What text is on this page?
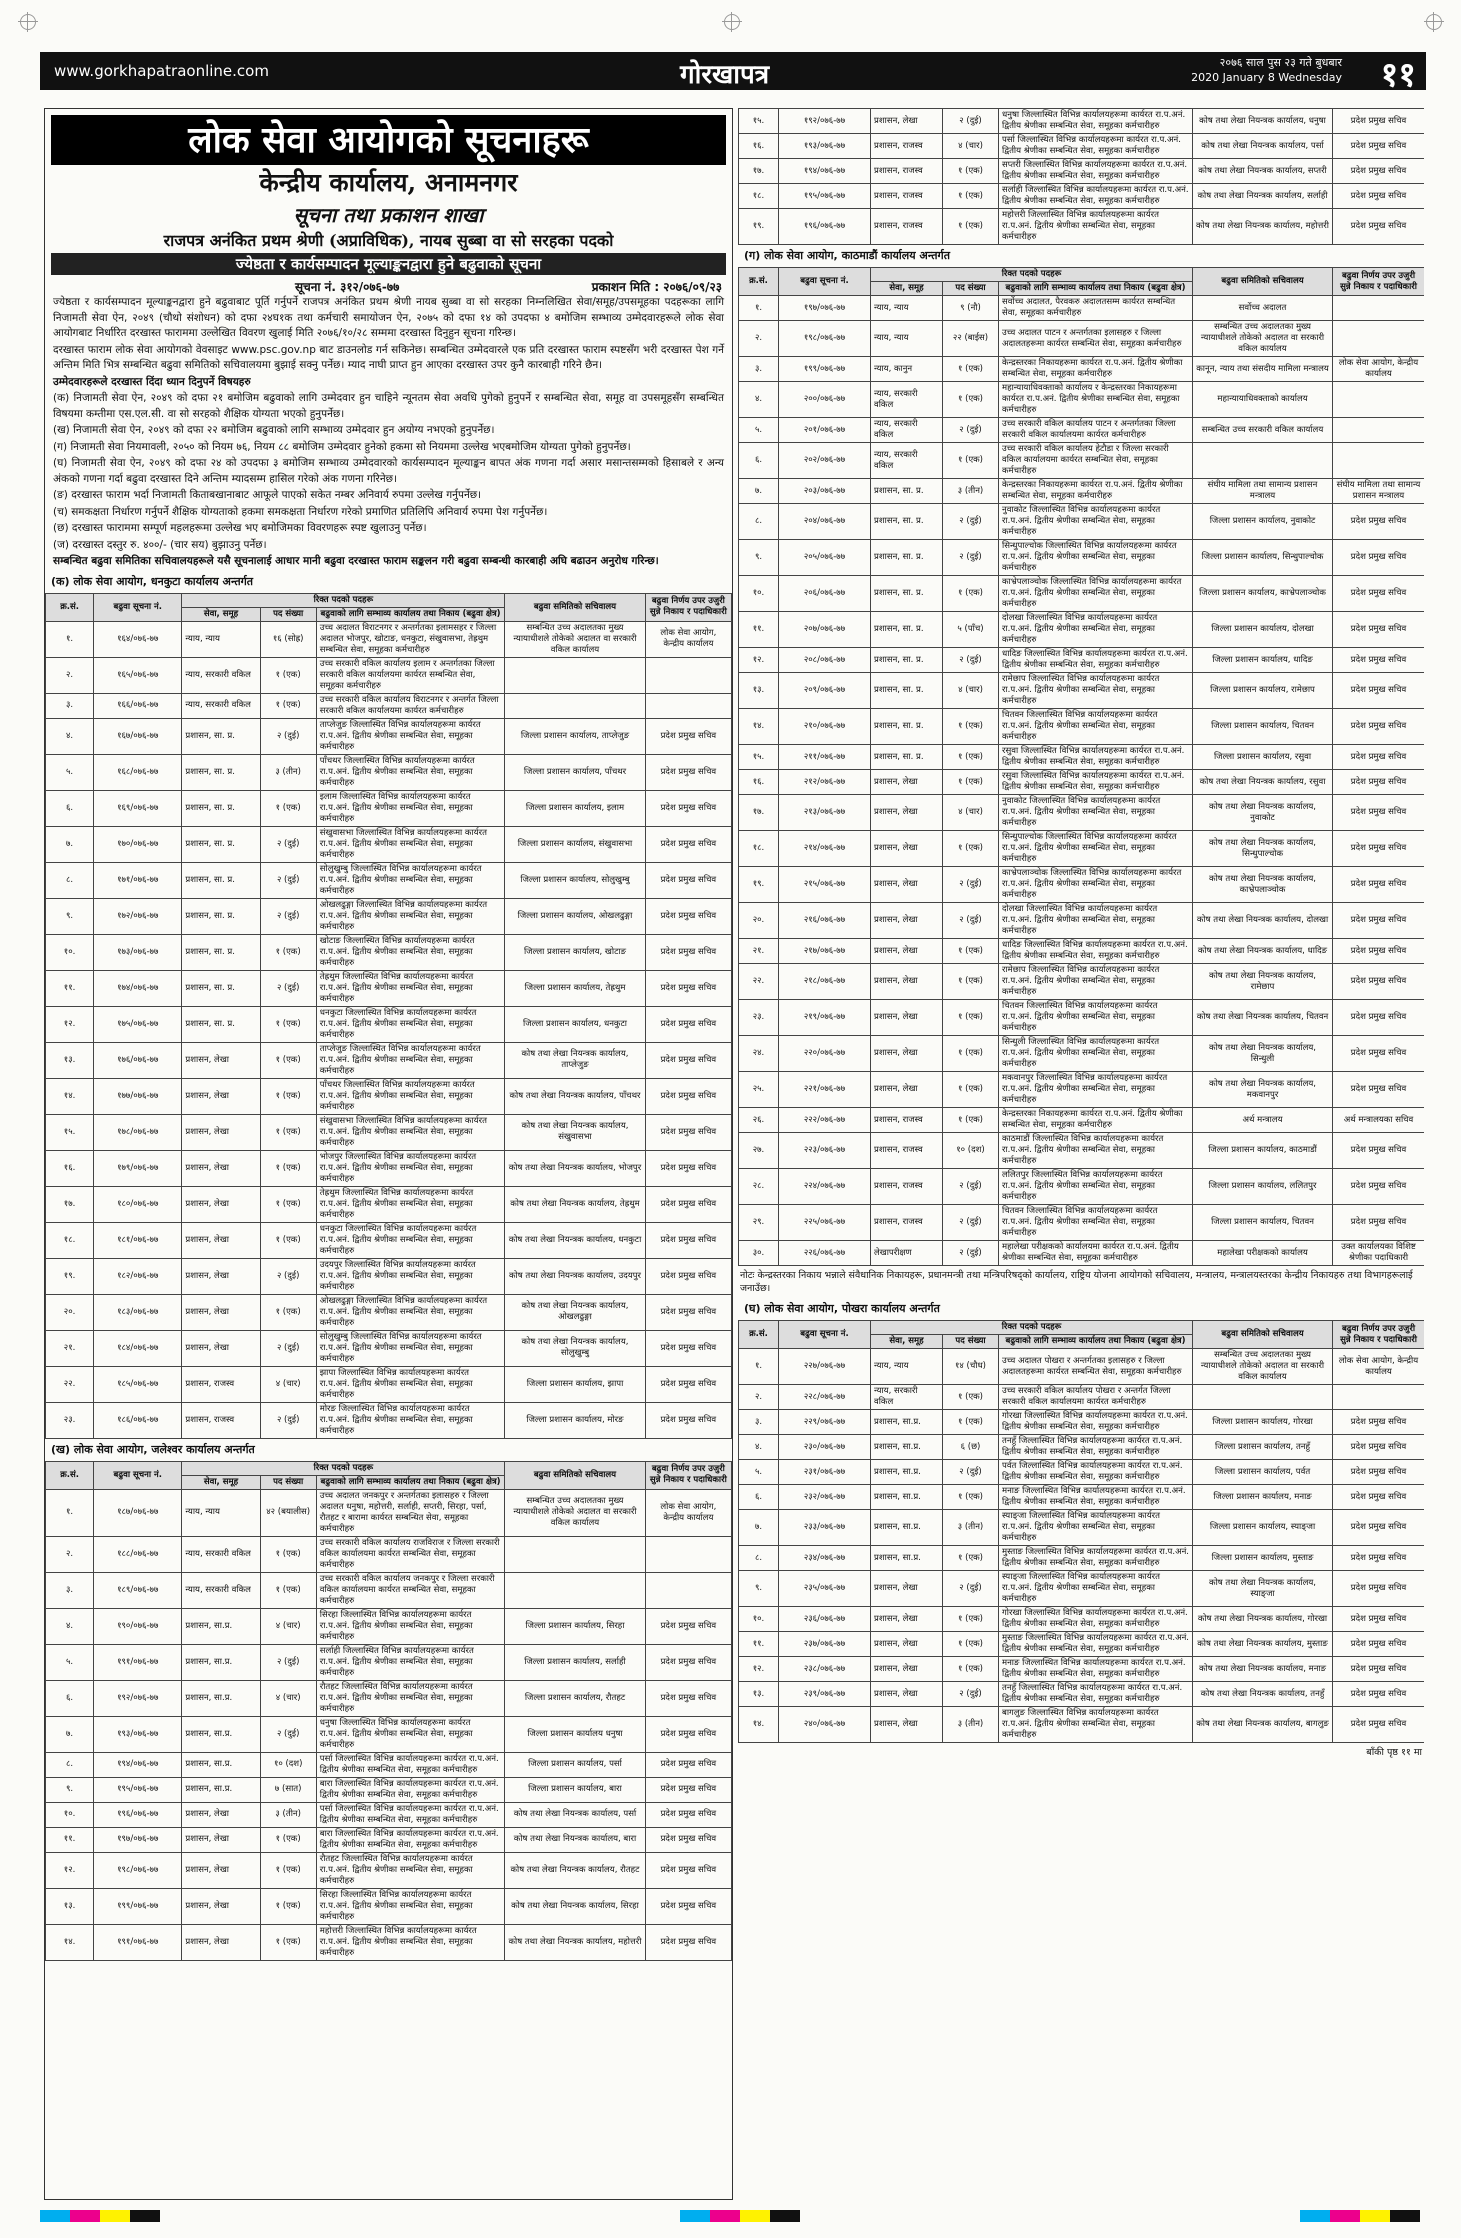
www.gorkhapatraonline.com	गोरखापत्र	२०७६ साल पुस २३ गते बुधबार
2020 January 8 Wednesday ११
लोक सेवा आयोगको सूचनाहरू
केन्द्रीय कार्यालय, अनामनगर
सूचना तथा प्रकाशन शाखा
राजपत्र अनंकित प्रथम श्रेणी (अप्राविधिक), नायब सुब्बा वा सो सरहका पदको
ज्येष्ठता र कार्यसम्पादन मूल्याङ्कनद्वारा हुने बढुवाको सूचना
सूचना नं. ३१२/०७६-७७	प्रकाशन मिति : २०७६/०९/२३

ज्येष्ठता र कार्यसम्पादन मूल्याङ्कनद्वारा हुने बढुवाबाट पूर्ति गर्नुपर्ने राजपत्र अनंकित प्रथम श्रेणी नायब सुब्बा वा सो सरहका निम्नलिखित सेवा/समूह/उपसमूहका पदहरूका लागि निजामती सेवा ऐन, २०४९ (चौथो संशोधन) को दफा २४घ१क तथा कर्मचारी समायोजन ऐन, २०७५ को दफा १४ को उपदफा ४ बमोजिम सम्भाव्य उम्मेदवारहरूले लोक सेवा आयोगबाट निर्धारित दरखास्त फाराममा उल्लेखित विवरण खुलाई मिति २०७६/१०/२८ सम्ममा दरखास्त दिनुहुन सूचना गरिन्छ।

दरखास्त फाराम लोक सेवा आयोगको वेवसाइट www.psc.gov.np बाट डाउनलोड गर्न सकिनेछ। सम्बन्धित उम्मेदवारले एक प्रति दरखास्त फाराम स्पष्टसँग भरी दरखास्त पेश गर्ने अन्तिम मिति भित्र सम्बन्धित बढुवा समितिको सचिवालयमा बुझाई सक्नु पर्नेछ। म्याद नाघी प्राप्त हुन आएका दरखास्त उपर कुनै कारबाही गरिने छैन।

उम्मेदवारहरूले दरखास्त दिंदा ध्यान दिनुपर्ने विषयहरु

(क) निजामती सेवा ऐन, २०४९ को दफा २१ बमोजिम बढुवाको लागि उम्मेदवार हुन चाहिने न्यूनतम सेवा अवधि पुगेको हुनुपर्ने र सम्बन्धित सेवा, समूह वा उपसमूहसँग सम्बन्धित विषयमा कम्तीमा एस.एल.सी. वा सो सरहको शैक्षिक योग्यता भएको हुनुपर्नेछ।

(ख) निजामती सेवा ऐन, २०४९ को दफा २२ बमोजिम बढुवाको लागि सम्भाव्य उम्मेदवार हुन अयोग्य नभएको हुनुपर्नेछ।

(ग) निजामती सेवा नियमावली, २०५० को नियम ७६, नियम ८८ बमोजिम उम्मेदवार हुनेको हकमा सो नियममा उल्लेख भएबमोजिम योग्यता पुगेको हुनुपर्नेछ।

(घ) निजामती सेवा ऐन, २०४९ को दफा २४ को उपदफा ३ बमोजिम सम्भाव्य उम्मेदवारको कार्यसम्पादन मूल्याङ्कन बापत अंक गणना गर्दा असार मसान्तसम्मको हिसाबले र अन्य अंकको गणना गर्दा बढुवा दरखास्त दिने अन्तिम म्यादसम्म हासिल गरेको अंक गणना गरिनेछ।

(ङ) दरखास्त फाराम भर्दा निजामती किताबखानाबाट आफूले पाएको सकेत नम्बर अनिवार्य रुपमा उल्लेख गर्नुपर्नेछ।

(च) समकक्षता निर्धारण गर्नुपर्ने शैक्षिक योग्यताको हकमा समकक्षता निर्धारण गरेको प्रमाणित प्रतिलिपि अनिवार्य रुपमा पेश गर्नुपर्नेछ।

(छ) दरखास्त फाराममा सम्पूर्ण महलहरूमा उल्लेख भए बमोजिमका विवरणहरू स्पष्ट खुलाउनु पर्नेछ।

(ज) दरखास्त दस्तुर रु. ४००/- (चार सय) बुझाउनु पर्नेछ।

सम्बन्धित बढुवा समितिका सचिवालयहरूले यसै सूचनालाई आधार मानी बढुवा दरखास्त फाराम सङ्कलन गरी बढुवा सम्बन्धी कारबाही अघि बढाउन अनुरोध गरिन्छ।

(क) लोक सेवा आयोग, धनकुटा कार्यालय अन्तर्गत
क्र.सं.	बढुवा सूचना नं.	रिक्त पदको पदहरू			बढुवा समितिको सचिवालय	बढुवा निर्णय उपर उजुरी सुन्ने निकाय र पदाधिकारी
		सेवा, समूह	पद संख्या	बढुवाको लागि सम्भाव्य कार्यालय तथा निकाय (बढुवा क्षेत्र)		
१.	१६४/०७६-७७	न्याय, न्याय	१६ (सोह्र)	उच्च अदालत विराटनगर र अन्तर्गतका इलामसहर र जिल्ला अदालत भोजपुर, खोटाङ, धनकुटा, संखुवासभा, तेह्रथुम सम्बन्धित सेवा, समूहका कर्मचारीहरु	सम्बन्धित उच्च अदालतका मुख्य न्यायाधीशले तोकेको अदालत वा सरकारी वकिल कार्यालय	लोक सेवा आयोग, केन्द्रीय कार्यालय
२.	१६५/०७६-७७	न्याय, सरकारी वकिल	१ (एक)	उच्च सरकारी वकिल कार्यालय इलाम र अन्तर्गतका जिल्ला सरकारी वकिल कार्यालयमा कार्यरत सम्बन्धित सेवा, समूहका कर्मचारीहरु		
३.	१६६/०७६-७७	न्याय, सरकारी वकिल	१ (एक)	उच्च सरकारी वकिल कार्यालय विराटनगर र अन्तर्गत जिल्ला सरकारी वकिल कार्यालयमा कार्यरत कर्मचारीहरु		
४.	१६७/०७६-७७	प्रशासन, सा. प्र.	२ (दुई)	ताप्लेजुङ जिल्लास्थित विभिन्न कार्यालयहरूमा कार्यरत रा.प.अनं. द्वितीय श्रेणीका सम्बन्धित सेवा, समूहका कर्मचारीहरु	जिल्ला प्रशासन कार्यालय, ताप्लेजुङ	प्रदेश प्रमुख सचिव
५.	१६८/०७६-७७	प्रशासन, सा. प्र.	३ (तीन)	पाँचथर जिल्लास्थित विभिन्न कार्यालयहरूमा कार्यरत रा.प.अनं. द्वितीय श्रेणीका सम्बन्धित सेवा, समूहका कर्मचारीहरु	जिल्ला प्रशासन कार्यालय, पाँचथर	प्रदेश प्रमुख सचिव
६.	१६९/०७६-७७	प्रशासन, सा. प्र.	१ (एक)	इलाम जिल्लास्थित विभिन्न कार्यालयहरूमा कार्यरत रा.प.अनं. द्वितीय श्रेणीका सम्बन्धित सेवा, समूहका कर्मचारीहरु	जिल्ला प्रशासन कार्यालय, इलाम	प्रदेश प्रमुख सचिव
७.	१७०/०७६-७७	प्रशासन, सा. प्र.	२ (दुई)	संखुवासभा जिल्लास्थित विभिन्न कार्यालयहरूमा कार्यरत रा.प.अनं. द्वितीय श्रेणीका सम्बन्धित सेवा, समूहका कर्मचारीहरु	जिल्ला प्रशासन कार्यालय, संखुवासभा	प्रदेश प्रमुख सचिव
८.	१७१/०७६-७७	प्रशासन, सा. प्र.	२ (दुई)	सोलुखुम्बु जिल्लास्थित विभिन्न कार्यालयहरूमा कार्यरत रा.प.अनं. द्वितीय श्रेणीका सम्बन्धित सेवा, समूहका कर्मचारीहरु	जिल्ला प्रशासन कार्यालय, सोलुखुम्बु	प्रदेश प्रमुख सचिव
९.	१७२/०७६-७७	प्रशासन, सा. प्र.	२ (दुई)	ओखलढुङ्गा जिल्लास्थित विभिन्न कार्यालयहरूमा कार्यरत रा.प.अनं. द्वितीय श्रेणीका सम्बन्धित सेवा, समूहका कर्मचारीहरु	जिल्ला प्रशासन कार्यालय, ओखलढुङ्गा	प्रदेश प्रमुख सचिव
१०.	१७३/०७६-७७	प्रशासन, सा. प्र.	१ (एक)	खोटाङ जिल्लास्थित विभिन्न कार्यालयहरूमा कार्यरत रा.प.अनं. द्वितीय श्रेणीका सम्बन्धित सेवा, समूहका कर्मचारीहरु	जिल्ला प्रशासन कार्यालय, खोटाङ	प्रदेश प्रमुख सचिव
११.	१७४/०७६-७७	प्रशासन, सा. प्र.	२ (दुई)	तेह्रथुम जिल्लास्थित विभिन्न कार्यालयहरूमा कार्यरत रा.प.अनं. द्वितीय श्रेणीका सम्बन्धित सेवा, समूहका कर्मचारीहरु	जिल्ला प्रशासन कार्यालय, तेह्रथुम	प्रदेश प्रमुख सचिव
१२.	१७५/०७६-७७	प्रशासन, सा. प्र.	१ (एक)	धनकुटा जिल्लास्थित विभिन्न कार्यालयहरूमा कार्यरत रा.प.अनं. द्वितीय श्रेणीका सम्बन्धित सेवा, समूहका कर्मचारीहरु	जिल्ला प्रशासन कार्यालय, धनकुटा	प्रदेश प्रमुख सचिव
१३.	१७६/०७६-७७	प्रशासन, लेखा	१ (एक)	ताप्लेजुङ जिल्लास्थित विभिन्न कार्यालयहरूमा कार्यरत रा.प.अनं. द्वितीय श्रेणीका सम्बन्धित सेवा, समूहका कर्मचारीहरु	कोष तथा लेखा नियन्त्रक कार्यालय, ताप्लेजुङ	प्रदेश प्रमुख सचिव
१४.	१७७/०७६-७७	प्रशासन, लेखा	१ (एक)	पाँचथर जिल्लास्थित विभिन्न कार्यालयहरूमा कार्यरत रा.प.अनं. द्वितीय श्रेणीका सम्बन्धित सेवा, समूहका कर्मचारीहरु	कोष तथा लेखा नियन्त्रक कार्यालय, पाँचथर	प्रदेश प्रमुख सचिव
१५.	१७८/०७६-७७	प्रशासन, लेखा	१ (एक)	संखुवासभा जिल्लास्थित विभिन्न कार्यालयहरूमा कार्यरत रा.प.अनं. द्वितीय श्रेणीका सम्बन्धित सेवा, समूहका कर्मचारीहरु	कोष तथा लेखा नियन्त्रक कार्यालय, संखुवासभा	प्रदेश प्रमुख सचिव
१६.	१७९/०७६-७७	प्रशासन, लेखा	१ (एक)	भोजपुर जिल्लास्थित विभिन्न कार्यालयहरूमा कार्यरत रा.प.अनं. द्वितीय श्रेणीका सम्बन्धित सेवा, समूहका कर्मचारीहरु	कोष तथा लेखा नियन्त्रक कार्यालय, भोजपुर	प्रदेश प्रमुख सचिव
१७.	१८०/०७६-७७	प्रशासन, लेखा	१ (एक)	तेह्रथुम जिल्लास्थित विभिन्न कार्यालयहरूमा कार्यरत रा.प.अनं. द्वितीय श्रेणीका सम्बन्धित सेवा, समूहका कर्मचारीहरु	कोष तथा लेखा नियन्त्रक कार्यालय, तेह्रथुम	प्रदेश प्रमुख सचिव
१८.	१८१/०७६-७७	प्रशासन, लेखा	१ (एक)	धनकुटा जिल्लास्थित विभिन्न कार्यालयहरूमा कार्यरत रा.प.अनं. द्वितीय श्रेणीका सम्बन्धित सेवा, समूहका कर्मचारीहरु	कोष तथा लेखा नियन्त्रक कार्यालय, धनकुटा	प्रदेश प्रमुख सचिव
१९.	१८२/०७६-७७	प्रशासन, लेखा	२ (दुई)	उदयपुर जिल्लास्थित विभिन्न कार्यालयहरूमा कार्यरत रा.प.अनं. द्वितीय श्रेणीका सम्बन्धित सेवा, समूहका कर्मचारीहरु	कोष तथा लेखा नियन्त्रक कार्यालय, उदयपुर	प्रदेश प्रमुख सचिव
२०.	१८३/०७६-७७	प्रशासन, लेखा	१ (एक)	ओखलढुङ्गा जिल्लास्थित विभिन्न कार्यालयहरूमा कार्यरत रा.प.अनं. द्वितीय श्रेणीका सम्बन्धित सेवा, समूहका कर्मचारीहरु	कोष तथा लेखा नियन्त्रक कार्यालय, ओखलढुङ्गा	प्रदेश प्रमुख सचिव
२१.	१८४/०७६-७७	प्रशासन, लेखा	२ (दुई)	सोलुखुम्बु जिल्लास्थित विभिन्न कार्यालयहरूमा कार्यरत रा.प.अनं. द्वितीय श्रेणीका सम्बन्धित सेवा, समूहका कर्मचारीहरु	कोष तथा लेखा नियन्त्रक कार्यालय, सोलुखुम्बु	प्रदेश प्रमुख सचिव
२२.	१८५/०७६-७७	प्रशासन, राजस्व	४ (चार)	झापा जिल्लास्थित विभिन्न कार्यालयहरूमा कार्यरत रा.प.अनं. द्वितीय श्रेणीका सम्बन्धित सेवा, समूहका कर्मचारीहरु	जिल्ला प्रशासन कार्यालय, झापा	प्रदेश प्रमुख सचिव
२३.	१८६/०७६-७७	प्रशासन, राजस्व	२ (दुई)	मोरङ जिल्लास्थित विभिन्न कार्यालयहरूमा कार्यरत रा.प.अनं. द्वितीय श्रेणीका सम्बन्धित सेवा, समूहका कर्मचारीहरु	जिल्ला प्रशासन कार्यालय, मोरङ	प्रदेश प्रमुख सचिव
(ख) लोक सेवा आयोग, जलेश्वर कार्यालय अन्तर्गत
क्र.सं.	बढुवा सूचना नं.	रिक्त पदको पदहरू			बढुवा समितिको सचिवालय	बढुवा निर्णय उपर उजुरी सुन्ने निकाय र पदाधिकारी
		सेवा, समूह	पद संख्या	बढुवाको लागि सम्भाव्य कार्यालय तथा निकाय (बढुवा क्षेत्र)		
१.	१८७/०७६-७७	न्याय, न्याय	४२ (बयालीस)	उच्च अदालत जनकपुर र अन्तर्गतका इलासहरु र जिल्ला अदालत धनुषा, महोत्तरी, सर्लाही, सप्तरी, सिरहा, पर्सा, रौतहट र बारामा कार्यरत सम्बन्धित सेवा, समूहका कर्मचारीहरु	सम्बन्धित उच्च अदालतका मुख्य न्यायाधीशले तोकेको अदालत वा सरकारी वकिल कार्यालय	लोक सेवा आयोग, केन्द्रीय कार्यालय
२.	१८८/०७६-७७	न्याय, सरकारी वकिल	१ (एक)	उच्च सरकारी वकिल कार्यालय राजविराज र जिल्ला सरकारी वकिल कार्यालयमा कार्यरत सम्बन्धित सेवा, समूहका कर्मचारीहरु		
३.	१८९/०७६-७७	न्याय, सरकारी वकिल	१ (एक)	उच्च सरकारी वकिल कार्यालय जनकपुर र जिल्ला सरकारी वकिल कार्यालयमा कार्यरत सम्बन्धित सेवा, समूहका कर्मचारीहरु		
४.	१९०/०७६-७७	प्रशासन, सा.प्र.	४ (चार)	सिरहा जिल्लास्थित विभिन्न कार्यालयहरूमा कार्यरत रा.प.अनं. द्वितीय श्रेणीका सम्बन्धित सेवा, समूहका कर्मचारीहरु	जिल्ला प्रशासन कार्यालय, सिरहा	प्रदेश प्रमुख सचिव
५.	१९१/०७६-७७	प्रशासन, सा.प्र.	२ (दुई)	सर्लाही जिल्लास्थित विभिन्न कार्यालयहरूमा कार्यरत रा.प.अनं. द्वितीय श्रेणीका सम्बन्धित सेवा, समूहका कर्मचारीहरु	जिल्ला प्रशासन कार्यालय, सर्लाही	प्रदेश प्रमुख सचिव
६.	१९२/०७६-७७	प्रशासन, सा.प्र.	४ (चार)	रौतहट जिल्लास्थित विभिन्न कार्यालयहरूमा कार्यरत रा.प.अनं. द्वितीय श्रेणीका सम्बन्धित सेवा, समूहका कर्मचारीहरु	जिल्ला प्रशासन कार्यालय, रौतहट	प्रदेश प्रमुख सचिव
७.	१९३/०७६-७७	प्रशासन, सा.प्र.	२ (दुई)	धनुषा जिल्लास्थित विभिन्न कार्यालयहरूमा कार्यरत रा.प.अनं. द्वितीय श्रेणीका सम्बन्धित सेवा, समूहका कर्मचारीहरु	जिल्ला प्रशासन कार्यालय धनुषा	प्रदेश प्रमुख सचिव
८.	१९४/०७६-७७	प्रशासन, सा.प्र.	१० (दश)	पर्सा जिल्लास्थित विभिन्न कार्यालयहरूमा कार्यरत रा.प.अनं. द्वितीय श्रेणीका सम्बन्धित सेवा, समूहका कर्मचारीहरु	जिल्ला प्रशासन कार्यालय, पर्सा	प्रदेश प्रमुख सचिव
९.	१९५/०७६-७७	प्रशासन, सा.प्र.	७ (सात)	बारा जिल्लास्थित विभिन्न कार्यालयहरूमा कार्यरत रा.प.अनं. द्वितीय श्रेणीका सम्बन्धित सेवा, समूहका कर्मचारीहरु	जिल्ला प्रशासन कार्यालय, बारा	प्रदेश प्रमुख सचिव
१०.	१९६/०७६-७७	प्रशासन, लेखा	३ (तीन)	पर्सा जिल्लास्थित विभिन्न कार्यालयहरूमा कार्यरत रा.प.अनं. द्वितीय श्रेणीका सम्बन्धित सेवा, समूहका कर्मचारीहरु	कोष तथा लेखा नियन्त्रक कार्यालय, पर्सा	प्रदेश प्रमुख सचिव
११.	१९७/०७६-७७	प्रशासन, लेखा	१ (एक)	बारा जिल्लास्थित विभिन्न कार्यालयहरूमा कार्यरत रा.प.अनं. द्वितीय श्रेणीका सम्बन्धित सेवा, समूहका कर्मचारीहरु	कोष तथा लेखा नियन्त्रक कार्यालय, बारा	प्रदेश प्रमुख सचिव
१२.	१९८/०७६-७७	प्रशासन, लेखा	१ (एक)	रौतहट जिल्लास्थित विभिन्न कार्यालयहरूमा कार्यरत रा.प.अनं. द्वितीय श्रेणीका सम्बन्धित सेवा, समूहका कर्मचारीहरु	कोष तथा लेखा नियन्त्रक कार्यालय, रौतहट	प्रदेश प्रमुख सचिव
१३.	१९९/०७६-७७	प्रशासन, लेखा	१ (एक)	सिरहा जिल्लास्थित विभिन्न कार्यालयहरूमा कार्यरत रा.प.अनं. द्वितीय श्रेणीका सम्बन्धित सेवा, समूहका कर्मचारीहरु	कोष तथा लेखा नियन्त्रक कार्यालय, सिरहा	प्रदेश प्रमुख सचिव
१४.	१९१/०७६-७७	प्रशासन, लेखा	१ (एक)	महोत्तरी जिल्लास्थित विभिन्न कार्यालयहरूमा कार्यरत रा.प.अनं. द्वितीय श्रेणीका सम्बन्धित सेवा, समूहका कर्मचारीहरु	कोष तथा लेखा नियन्त्रक कार्यालय, महोत्तरी	प्रदेश प्रमुख सचिव
१५.	१९२/०७६-७७	प्रशासन, लेखा	२ (दुई)	धनुषा जिल्लास्थित विभिन्न कार्यालयहरूमा कार्यरत रा.प.अनं. द्वितीय श्रेणीका सम्बन्धित सेवा, समूहका कर्मचारीहरु	कोष तथा लेखा नियन्त्रक कार्यालय, धनुषा	प्रदेश प्रमुख सचिव
१६.	१९३/०७६-७७	प्रशासन, राजस्व	४ (चार)	पर्सा जिल्लास्थित विभिन्न कार्यालयहरूमा कार्यरत रा.प.अनं. द्वितीय श्रेणीका सम्बन्धित सेवा, समूहका कर्मचारीहरु	कोष तथा लेखा नियन्त्रक कार्यालय, पर्सा	प्रदेश प्रमुख सचिव
१७.	१९४/०७६-७७	प्रशासन, राजस्व	१ (एक)	सप्तरी जिल्लास्थित विभिन्न कार्यालयहरूमा कार्यरत रा.प.अनं. द्वितीय श्रेणीका सम्बन्धित सेवा, समूहका कर्मचारीहरु	कोष तथा लेखा नियन्त्रक कार्यालय, सप्तरी	प्रदेश प्रमुख सचिव
१८.	१९५/०७६-७७	प्रशासन, राजस्व	१ (एक)	सर्लाही जिल्लास्थित विभिन्न कार्यालयहरूमा कार्यरत रा.प.अनं. द्वितीय श्रेणीका सम्बन्धित सेवा, समूहका कर्मचारीहरु	कोष तथा लेखा नियन्त्रक कार्यालय, सर्लाही	प्रदेश प्रमुख सचिव
१९.	१९६/०७६-७७	प्रशासन, राजस्व	१ (एक)	महोत्तरी जिल्लास्थित विभिन्न कार्यालयहरूमा कार्यरत रा.प.अनं. द्वितीय श्रेणीका सम्बन्धित सेवा, समूहका कर्मचारीहरु	कोष तथा लेखा नियन्त्रक कार्यालय, महोत्तरी	प्रदेश प्रमुख सचिव
(ग) लोक सेवा आयोग, काठमाडौं कार्यालय अन्तर्गत
क्र.सं.	बढुवा सूचना नं.	रिक्त पदको पदहरू			बढुवा समितिको सचिवालय	बढुवा निर्णय उपर उजुरी सुन्ने निकाय र पदाधिकारी
		सेवा, समूह	पद संख्या	बढुवाको लागि सम्भाव्य कार्यालय तथा निकाय (बढुवा क्षेत्र)		
१.	१९७/०७६-७७	न्याय, न्याय	९ (नौ)	सर्वोच्च अदालत, पैरवकरु अदालतसम्म कार्यरत सम्बन्धित सेवा, समूहका कर्मचारीहरु	सर्वोच्च अदालत	
२.	१९८/०७६-७७	न्याय, न्याय	२२ (बाईस)	उच्च अदालत पाटन र अन्तर्गतका इलासहरु र जिल्ला अदालतहरूमा कार्यरत सम्बन्धित सेवा, समूहका कर्मचारीहरु	सम्बन्धित उच्च अदालतका मुख्य न्यायाधीशले तोकेको अदालत वा सरकारी वकिल कार्यालय	
३.	१९९/०७६-७७	न्याय, कानुन	१ (एक)	केन्द्रस्तरका निकायहरूमा कार्यरत रा.प.अनं. द्वितीय श्रेणीका सम्बन्धित सेवा, समूहका कर्मचारीहरु	कानून, न्याय तथा संसदीय मामिला मन्त्रालय	लोक सेवा आयोग, केन्द्रीय कार्यालय
४.	२००/०७६-७७	न्याय, सरकारी वकिल	१ (एक)	महान्यायाधिवक्ताको कार्यालय र केन्द्रस्तरका निकायहरूमा कार्यरत रा.प.अनं. द्वितीय श्रेणीका सम्बन्धित सेवा, समूहका कर्मचारीहरु	महान्यायाधिवक्ताको कार्यालय	
५.	२०१/०७६-७७	न्याय, सरकारी वकिल	२ (दुई)	उच्च सरकारी वकिल कार्यालय पाटन र अन्तर्गतका जिल्ला सरकारी वकिल कार्यालयमा कार्यरत कर्मचारीहरु	सम्बन्धित उच्च सरकारी वकिल कार्यालय	
६.	२०२/०७६-७७	न्याय, सरकारी वकिल	१ (एक)	उच्च सरकारी वकिल कार्यालय हेटौडा र जिल्ला सरकारी वकिल कार्यालयमा कार्यरत सम्बन्धित सेवा, समूहका कर्मचारीहरु		
७.	२०३/०७६-७७	प्रशासन, सा. प्र.	३ (तीन)	केन्द्रस्तरका निकायहरूमा कार्यरत रा.प.अनं. द्वितीय श्रेणीका सम्बन्धित सेवा, समूहका कर्मचारीहरु	संघीय मामिला तथा सामान्य प्रशासन मन्त्रालय	संघीय मामिला तथा सामान्य प्रशासन मन्त्रालय
८.	२०४/०७६-७७	प्रशासन, सा. प्र.	२ (दुई)	नुवाकोट जिल्लास्थित विभिन्न कार्यालयहरूमा कार्यरत रा.प.अनं. द्वितीय श्रेणीका सम्बन्धित सेवा, समूहका कर्मचारीहरु	जिल्ला प्रशासन कार्यालय, नुवाकोट	प्रदेश प्रमुख सचिव
९.	२०५/०७६-७७	प्रशासन, सा. प्र.	२ (दुई)	सिन्धुपाल्चोक जिल्लास्थित विभिन्न कार्यालयहरूमा कार्यरत रा.प.अनं. द्वितीय श्रेणीका सम्बन्धित सेवा, समूहका कर्मचारीहरु	जिल्ला प्रशासन कार्यालय, सिन्धुपाल्चोक	प्रदेश प्रमुख सचिव
१०.	२०६/०७६-७७	प्रशासन, सा. प्र.	१ (एक)	काभ्रेपलाञ्चोक जिल्लास्थित विभिन्न कार्यालयहरूमा कार्यरत रा.प.अनं. द्वितीय श्रेणीका सम्बन्धित सेवा, समूहका कर्मचारीहरु	जिल्ला प्रशासन कार्यालय, काभ्रेपलाञ्चोक	प्रदेश प्रमुख सचिव
११.	२०७/०७६-७७	प्रशासन, सा. प्र.	५ (पाँच)	दोलखा जिल्लास्थित विभिन्न कार्यालयहरूमा कार्यरत रा.प.अनं. द्वितीय श्रेणीका सम्बन्धित सेवा, समूहका कर्मचारीहरु	जिल्ला प्रशासन कार्यालय, दोलखा	प्रदेश प्रमुख सचिव
१२.	२०८/०७६-७७	प्रशासन, सा. प्र.	२ (दुई)	धादिङ जिल्लास्थित विभिन्न कार्यालयहरूमा कार्यरत रा.प.अनं. द्वितीय श्रेणीका सम्बन्धित सेवा, समूहका कर्मचारीहरु	जिल्ला प्रशासन कार्यालय, धादिङ	प्रदेश प्रमुख सचिव
१३.	२०९/०७६-७७	प्रशासन, सा. प्र.	४ (चार)	रामेछाप जिल्लास्थित विभिन्न कार्यालयहरूमा कार्यरत रा.प.अनं. द्वितीय श्रेणीका सम्बन्धित सेवा, समूहका कर्मचारीहरु	जिल्ला प्रशासन कार्यालय, रामेछाप	प्रदेश प्रमुख सचिव
१४.	२१०/०७६-७७	प्रशासन, सा. प्र.	१ (एक)	चितवन जिल्लास्थित विभिन्न कार्यालयहरूमा कार्यरत रा.प.अनं. द्वितीय श्रेणीका सम्बन्धित सेवा, समूहका कर्मचारीहरु	जिल्ला प्रशासन कार्यालय, चितवन	प्रदेश प्रमुख सचिव
१५.	२११/०७६-७७	प्रशासन, सा. प्र.	१ (एक)	रसुवा जिल्लास्थित विभिन्न कार्यालयहरूमा कार्यरत रा.प.अनं. द्वितीय श्रेणीका सम्बन्धित सेवा, समूहका कर्मचारीहरु	जिल्ला प्रशासन कार्यालय, रसुवा	प्रदेश प्रमुख सचिव
१६.	२१२/०७६-७७	प्रशासन, लेखा	१ (एक)	रसुवा जिल्लास्थित विभिन्न कार्यालयहरूमा कार्यरत रा.प.अनं. द्वितीय श्रेणीका सम्बन्धित सेवा, समूहका कर्मचारीहरु	कोष तथा लेखा नियन्त्रक कार्यालय, रसुवा	प्रदेश प्रमुख सचिव
१७.	२१३/०७६-७७	प्रशासन, लेखा	४ (चार)	नुवाकोट जिल्लास्थित विभिन्न कार्यालयहरूमा कार्यरत रा.प.अनं. द्वितीय श्रेणीका सम्बन्धित सेवा, समूहका कर्मचारीहरु	कोष तथा लेखा नियन्त्रक कार्यालय, नुवाकोट	प्रदेश प्रमुख सचिव
१८.	२१४/०७६-७७	प्रशासन, लेखा	१ (एक)	सिन्धुपाल्चोक जिल्लास्थित विभिन्न कार्यालयहरूमा कार्यरत रा.प.अनं. द्वितीय श्रेणीका सम्बन्धित सेवा, समूहका कर्मचारीहरु	कोष तथा लेखा नियन्त्रक कार्यालय, सिन्धुपाल्चोक	प्रदेश प्रमुख सचिव
१९.	२१५/०७६-७७	प्रशासन, लेखा	२ (दुई)	काभ्रेपलाञ्चोक जिल्लास्थित विभिन्न कार्यालयहरूमा कार्यरत रा.प.अनं. द्वितीय श्रेणीका सम्बन्धित सेवा, समूहका कर्मचारीहरु	कोष तथा लेखा नियन्त्रक कार्यालय, काभ्रेपलाञ्चोक	प्रदेश प्रमुख सचिव
२०.	२१६/०७६-७७	प्रशासन, लेखा	२ (दुई)	दोलखा जिल्लास्थित विभिन्न कार्यालयहरूमा कार्यरत रा.प.अनं. द्वितीय श्रेणीका सम्बन्धित सेवा, समूहका कर्मचारीहरु	कोष तथा लेखा नियन्त्रक कार्यालय, दोलखा	प्रदेश प्रमुख सचिव
२१.	२१७/०७६-७७	प्रशासन, लेखा	१ (एक)	धादिङ जिल्लास्थित विभिन्न कार्यालयहरूमा कार्यरत रा.प.अनं. द्वितीय श्रेणीका सम्बन्धित सेवा, समूहका कर्मचारीहरु	कोष तथा लेखा नियन्त्रक कार्यालय, धादिङ	प्रदेश प्रमुख सचिव
२२.	२१८/०७६-७७	प्रशासन, लेखा	१ (एक)	रामेछाप जिल्लास्थित विभिन्न कार्यालयहरूमा कार्यरत रा.प.अनं. द्वितीय श्रेणीका सम्बन्धित सेवा, समूहका कर्मचारीहरु	कोष तथा लेखा नियन्त्रक कार्यालय, रामेछाप	प्रदेश प्रमुख सचिव
२३.	२१९/०७६-७७	प्रशासन, लेखा	१ (एक)	चितवन जिल्लास्थित विभिन्न कार्यालयहरूमा कार्यरत रा.प.अनं. द्वितीय श्रेणीका सम्बन्धित सेवा, समूहका कर्मचारीहरु	कोष तथा लेखा नियन्त्रक कार्यालय, चितवन	प्रदेश प्रमुख सचिव
२४.	२२०/०७६-७७	प्रशासन, लेखा	१ (एक)	सिन्धुली जिल्लास्थित विभिन्न कार्यालयहरूमा कार्यरत रा.प.अनं. द्वितीय श्रेणीका सम्बन्धित सेवा, समूहका कर्मचारीहरु	कोष तथा लेखा नियन्त्रक कार्यालय, सिन्धुली	प्रदेश प्रमुख सचिव
२५.	२२१/०७६-७७	प्रशासन, लेखा	१ (एक)	मकवानपुर जिल्लास्थित विभिन्न कार्यालयहरूमा कार्यरत रा.प.अनं. द्वितीय श्रेणीका सम्बन्धित सेवा, समूहका कर्मचारीहरु	कोष तथा लेखा नियन्त्रक कार्यालय, मकवानपुर	प्रदेश प्रमुख सचिव
२६.	२२२/०७६-७७	प्रशासन, राजस्व	१ (एक)	केन्द्रस्तरका निकायहरूमा कार्यरत रा.प.अनं. द्वितीय श्रेणीका सम्बन्धित सेवा, समूहका कर्मचारीहरु	अर्थ मन्त्रालय	अर्थ मन्त्रालयका सचिव
२७.	२२३/०७६-७७	प्रशासन, राजस्व	१० (दश)	काठमाडौं जिल्लास्थित विभिन्न कार्यालयहरूमा कार्यरत रा.प.अनं. द्वितीय श्रेणीका सम्बन्धित सेवा, समूहका कर्मचारीहरु	जिल्ला प्रशासन कार्यालय, काठमाडौं	प्रदेश प्रमुख सचिव
२८.	२२४/०७६-७७	प्रशासन, राजस्व	२ (दुई)	ललितपुर जिल्लास्थित विभिन्न कार्यालयहरूमा कार्यरत रा.प.अनं. द्वितीय श्रेणीका सम्बन्धित सेवा, समूहका कर्मचारीहरु	जिल्ला प्रशासन कार्यालय, ललितपुर	प्रदेश प्रमुख सचिव
२९.	२२५/०७६-७७	प्रशासन, राजस्व	२ (दुई)	चितवन जिल्लास्थित विभिन्न कार्यालयहरूमा कार्यरत रा.प.अनं. द्वितीय श्रेणीका सम्बन्धित सेवा, समूहका कर्मचारीहरु	जिल्ला प्रशासन कार्यालय, चितवन	प्रदेश प्रमुख सचिव
३०.	२२६/०७६-७७	लेखापरीक्षण	२ (दुई)	महालेखा परीक्षकको कार्यालयमा कार्यरत रा.प.अनं. द्वितीय श्रेणीका सम्बन्धित सेवा, समूहका कर्मचारीहरु	महालेखा परीक्षकको कार्यालय	उक्त कार्यालयका विशिष्ट श्रेणीका पदाधिकारी
नोटः केन्द्रस्तरका निकाय भन्नाले संवैधानिक निकायहरू, प्रधानमन्त्री तथा मन्त्रिपरिषद्को कार्यालय, राष्ट्रिय योजना आयोगको सचिवालय, मन्त्रालय, मन्त्रालयस्तरका केन्द्रीय निकायहरु तथा विभागहरूलाई जनाउँछ।
(घ) लोक सेवा आयोग, पोखरा कार्यालय अन्तर्गत
क्र.सं.	बढुवा सूचना नं.	रिक्त पदको पदहरू			बढुवा समितिको सचिवालय	बढुवा निर्णय उपर उजुरी सुन्ने निकाय र पदाधिकारी
		सेवा, समूह	पद संख्या	बढुवाको लागि सम्भाव्य कार्यालय तथा निकाय (बढुवा क्षेत्र)		
१.	२२७/०७६-७७	न्याय, न्याय	१४ (चौध)	उच्च अदालत पोखरा र अन्तर्गतका इलासहरु र जिल्ला अदालतहरूमा कार्यरत सम्बन्धित सेवा, समूहका कर्मचारीहरु	सम्बन्धित उच्च अदालतका मुख्य न्यायाधीशले तोकेको अदालत वा सरकारी वकिल कार्यालय	लोक सेवा आयोग, केन्द्रीय कार्यालय
२.	२२८/०७६-७७	न्याय, सरकारी वकिल	१ (एक)	उच्च सरकारी वकिल कार्यालय पोखरा र अन्तर्गत जिल्ला सरकारी वकिल कार्यालयमा कार्यरत कर्मचारीहरु		
३.	२२९/०७६-७७	प्रशासन, सा.प्र.	१ (एक)	गोरखा जिल्लास्थित विभिन्न कार्यालयहरूमा कार्यरत रा.प.अनं. द्वितीय श्रेणीका सम्बन्धित सेवा, समूहका कर्मचारीहरु	जिल्ला प्रशासन कार्यालय, गोरखा	प्रदेश प्रमुख सचिव
४.	२३०/०७६-७७	प्रशासन, सा.प्र.	६ (छ)	तनहुँ जिल्लास्थित विभिन्न कार्यालयहरूमा कार्यरत रा.प.अनं. द्वितीय श्रेणीका सम्बन्धित सेवा, समूहका कर्मचारीहरु	जिल्ला प्रशासन कार्यालय, तनहुँ	प्रदेश प्रमुख सचिव
५.	२३१/०७६-७७	प्रशासन, सा.प्र.	२ (दुई)	पर्वत जिल्लास्थित विभिन्न कार्यालयहरूमा कार्यरत रा.प.अनं. द्वितीय श्रेणीका सम्बन्धित सेवा, समूहका कर्मचारीहरु	जिल्ला प्रशासन कार्यालय, पर्वत	प्रदेश प्रमुख सचिव
६.	२३२/०७६-७७	प्रशासन, सा.प्र.	१ (एक)	मनाङ जिल्लास्थित विभिन्न कार्यालयहरूमा कार्यरत रा.प.अनं. द्वितीय श्रेणीका सम्बन्धित सेवा, समूहका कर्मचारीहरु	जिल्ला प्रशासन कार्यालय, मनाङ	प्रदेश प्रमुख सचिव
७.	२३३/०७६-७७	प्रशासन, सा.प्र.	३ (तीन)	स्याङ्जा जिल्लास्थित विभिन्न कार्यालयहरूमा कार्यरत रा.प.अनं. द्वितीय श्रेणीका सम्बन्धित सेवा, समूहका कर्मचारीहरु	जिल्ला प्रशासन कार्यालय, स्याङ्जा	प्रदेश प्रमुख सचिव
८.	२३४/०७६-७७	प्रशासन, सा.प्र.	१ (एक)	मुस्ताङ जिल्लास्थित विभिन्न कार्यालयहरूमा कार्यरत रा.प.अनं. द्वितीय श्रेणीका सम्बन्धित सेवा, समूहका कर्मचारीहरु	जिल्ला प्रशासन कार्यालय, मुस्ताङ	प्रदेश प्रमुख सचिव
९.	२३५/०७६-७७	प्रशासन, लेखा	२ (दुई)	स्याङ्जा जिल्लास्थित विभिन्न कार्यालयहरूमा कार्यरत रा.प.अनं. द्वितीय श्रेणीका सम्बन्धित सेवा, समूहका कर्मचारीहरु	कोष तथा लेखा नियन्त्रक कार्यालय, स्याङ्जा	प्रदेश प्रमुख सचिव
१०.	२३६/०७६-७७	प्रशासन, लेखा	१ (एक)	गोरखा जिल्लास्थित विभिन्न कार्यालयहरूमा कार्यरत रा.प.अनं. द्वितीय श्रेणीका सम्बन्धित सेवा, समूहका कर्मचारीहरु	कोष तथा लेखा नियन्त्रक कार्यालय, गोरखा	प्रदेश प्रमुख सचिव
११.	२३७/०७६-७७	प्रशासन, लेखा	१ (एक)	मुस्ताङ जिल्लास्थित विभिन्न कार्यालयहरूमा कार्यरत रा.प.अनं. द्वितीय श्रेणीका सम्बन्धित सेवा, समूहका कर्मचारीहरु	कोष तथा लेखा नियन्त्रक कार्यालय, मुस्ताङ	प्रदेश प्रमुख सचिव
१२.	२३८/०७६-७७	प्रशासन, लेखा	१ (एक)	मनाङ जिल्लास्थित विभिन्न कार्यालयहरूमा कार्यरत रा.प.अनं. द्वितीय श्रेणीका सम्बन्धित सेवा, समूहका कर्मचारीहरु	कोष तथा लेखा नियन्त्रक कार्यालय, मनाङ	प्रदेश प्रमुख सचिव
१३.	२३९/०७६-७७	प्रशासन, लेखा	२ (दुई)	तनहुँ जिल्लास्थित विभिन्न कार्यालयहरूमा कार्यरत रा.प.अनं. द्वितीय श्रेणीका सम्बन्धित सेवा, समूहका कर्मचारीहरु	कोष तथा लेखा नियन्त्रक कार्यालय, तनहुँ	प्रदेश प्रमुख सचिव
१४.	२४०/०७६-७७	प्रशासन, लेखा	३ (तीन)	बागलुङ जिल्लास्थित विभिन्न कार्यालयहरूमा कार्यरत रा.प.अनं. द्वितीय श्रेणीका सम्बन्धित सेवा, समूहका कर्मचारीहरु	कोष तथा लेखा नियन्त्रक कार्यालय, बागलुङ	प्रदेश प्रमुख सचिव
बाँकी पृष्ठ ११ मा
